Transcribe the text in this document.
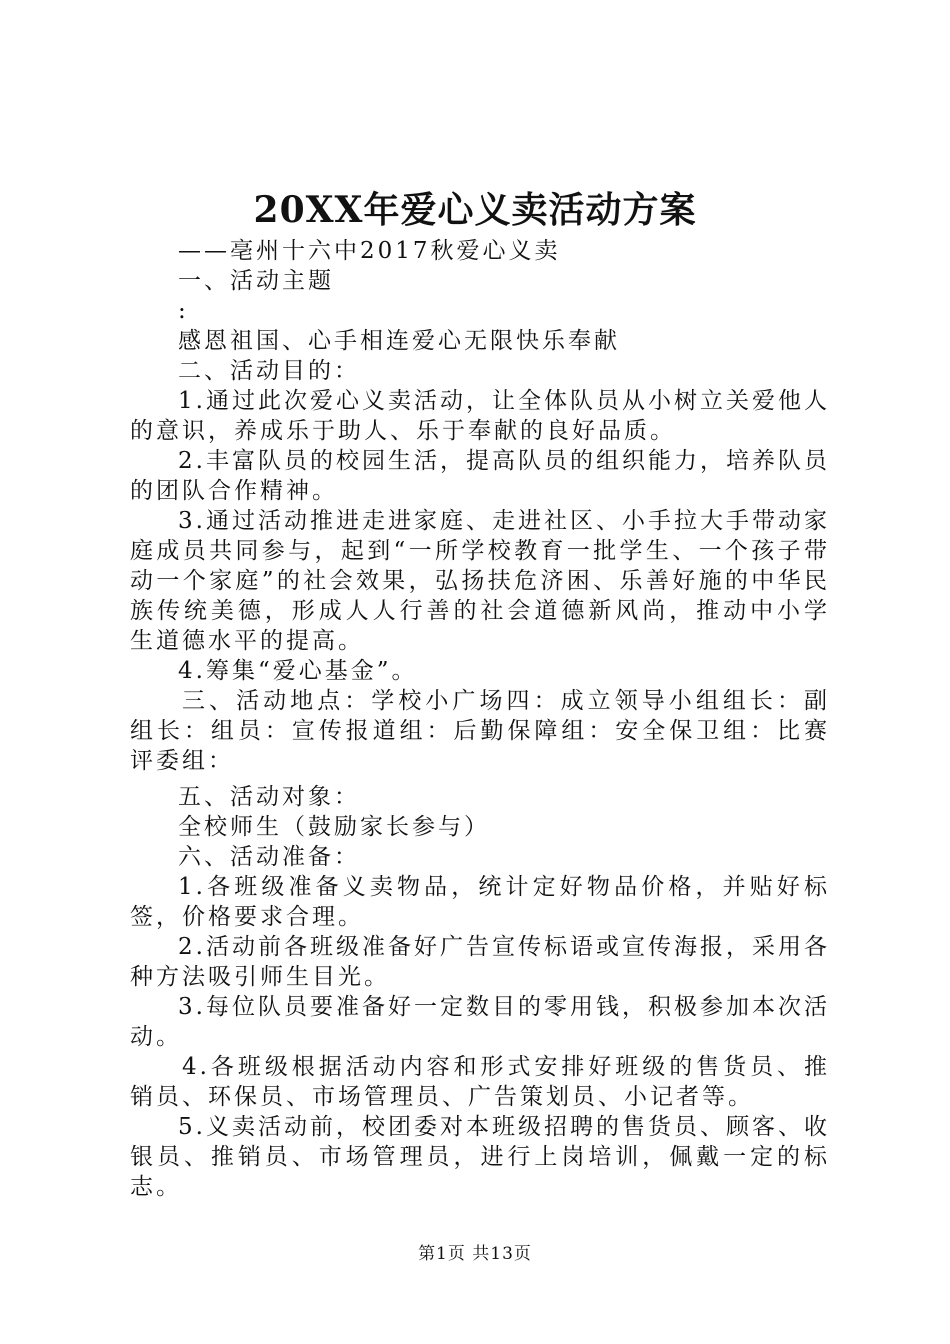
20XX年爱心义卖活动方案

——亳州十六中2017秋爱心义卖

一、活动主题

:

感恩祖国、心手相连爱心无限快乐奉献

二、活动目的：

1.通过此次爱心义卖活动，让全体队员从小树立关爱他人的意识，养成乐于助人、乐于奉献的良好品质。

2.丰富队员的校园生活，提高队员的组织能力，培养队员的团队合作精神。

3.通过活动推进走进家庭、走进社区、小手拉大手带动家庭成员共同参与，起到“一所学校教育一批学生、一个孩子带动一个家庭”的社会效果，弘扬扶危济困、乐善好施的中华民族传统美德，形成人人行善的社会道德新风尚，推动中小学生道德水平的提高。

4.筹集“爱心基金”。

三、活动地点：学校小广场四：成立领导小组组长：副组长：组员：宣传报道组：后勤保障组：安全保卫组：比赛评委组：

五、活动对象：

全校师生（鼓励家长参与）

六、活动准备：

1.各班级准备义卖物品，统计定好物品价格，并贴好标签，价格要求合理。

2.活动前各班级准备好广告宣传标语或宣传海报，采用各种方法吸引师生目光。

3.每位队员要准备好一定数目的零用钱，积极参加本次活动。

4.各班级根据活动内容和形式安排好班级的售货员、推销员、环保员、市场管理员、广告策划员、小记者等。

5.义卖活动前，校团委对本班级招聘的售货员、顾客、收银员、推销员、市场管理员，进行上岗培训，佩戴一定的标志。

第1页 共13页
